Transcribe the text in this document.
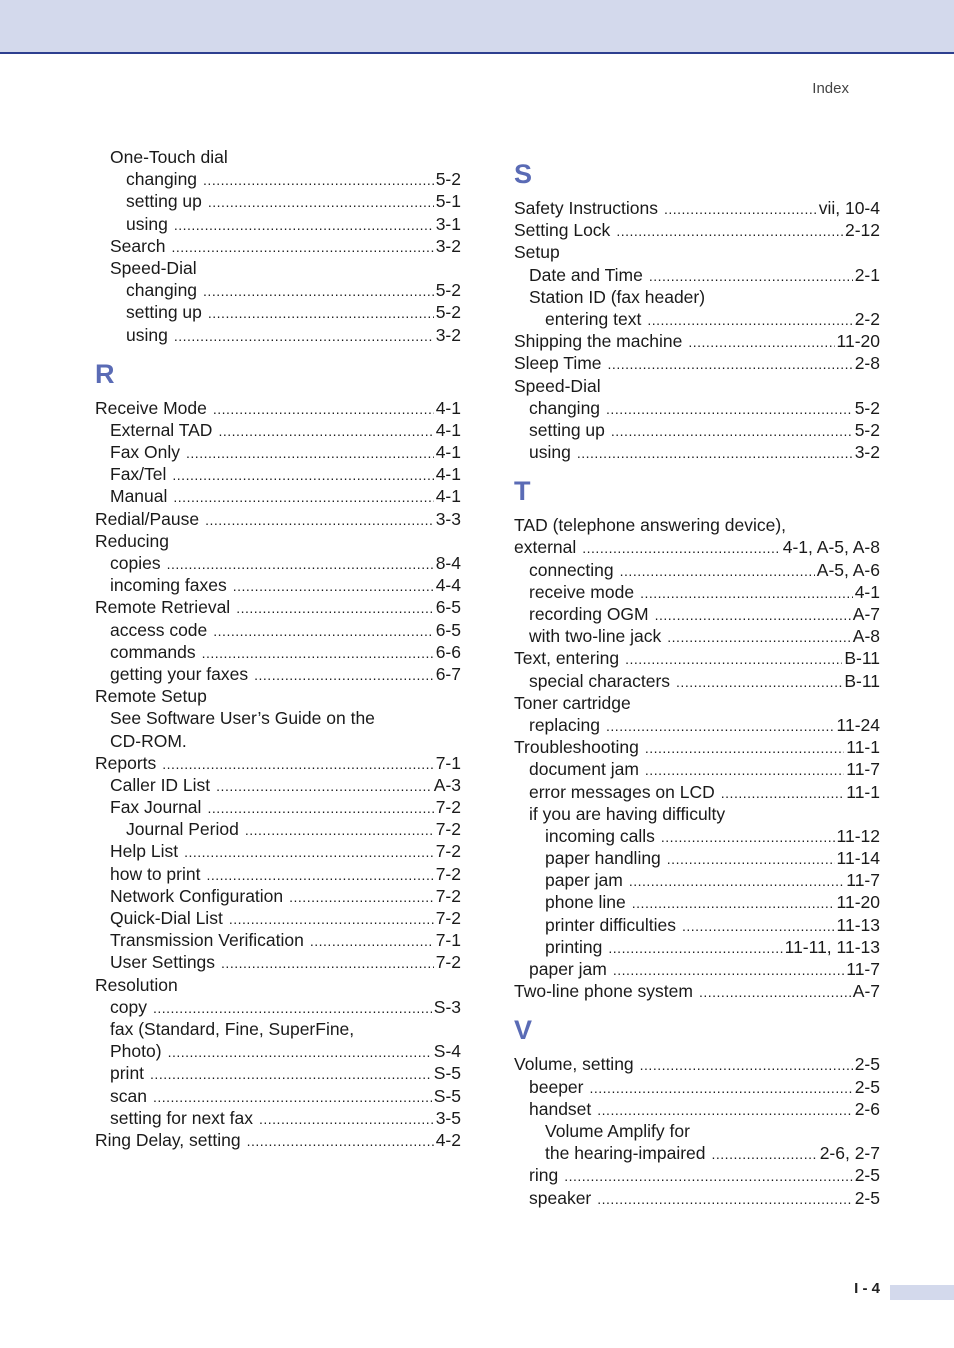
Index
One-Touch dial
changing .....	5-2
setting up .....	5-1
using .....	3-1
Search .....	3-2
Speed-Dial
changing .....	5-2
setting up .....	5-2
using .....	3-2
R
Receive Mode .....	4-1
External TAD .....	4-1
Fax Only .....	4-1
Fax/Tel .....	4-1
Manual .....	4-1
Redial/Pause .....	3-3
Reducing
copies .....	8-4
incoming faxes .....	4-4
Remote Retrieval .....	6-5
access code .....	6-5
commands .....	6-6
getting your faxes .....	6-7
Remote Setup
See Software User’s Guide on the
CD-ROM.
Reports .....	7-1
Caller ID List .....	A-3
Fax Journal .....	7-2
Journal Period .....	7-2
Help List .....	7-2
how to print .....	7-2
Network Configuration .....	7-2
Quick-Dial List .....	7-2
Transmission Verification .....	7-1
User Settings .....	7-2
Resolution
copy .....	S-3
fax (Standard, Fine, SuperFine,
Photo) .....	S-4
print .....	S-5
scan .....	S-5
setting for next fax .....	3-5
Ring Delay, setting .....	4-2
S
Safety Instructions .....	vii, 10-4
Setting Lock .....	2-12
Setup
Date and Time .....	2-1
Station ID (fax header)
entering text .....	2-2
Shipping the machine .....	11-20
Sleep Time .....	2-8
Speed-Dial
changing .....	5-2
setting up .....	5-2
using .....	3-2
T
TAD (telephone answering device),
external .....	4-1, A-5, A-8
connecting .....	A-5, A-6
receive mode .....	4-1
recording OGM .....	A-7
with two-line jack .....	A-8
Text, entering .....	B-11
special characters .....	B-11
Toner cartridge
replacing .....	11-24
Troubleshooting .....	11-1
document jam .....	11-7
error messages on LCD .....	11-1
if you are having difficulty
incoming calls .....	11-12
paper handling .....	11-14
paper jam .....	11-7
phone line .....	11-20
printer difficulties .....	11-13
printing .....	11-11, 11-13
paper jam .....	11-7
Two-line phone system .....	A-7
V
Volume, setting .....	2-5
beeper .....	2-5
handset .....	2-6
Volume Amplify for
the hearing-impaired .....	2-6, 2-7
ring .....	2-5
speaker .....	2-5
I - 4
